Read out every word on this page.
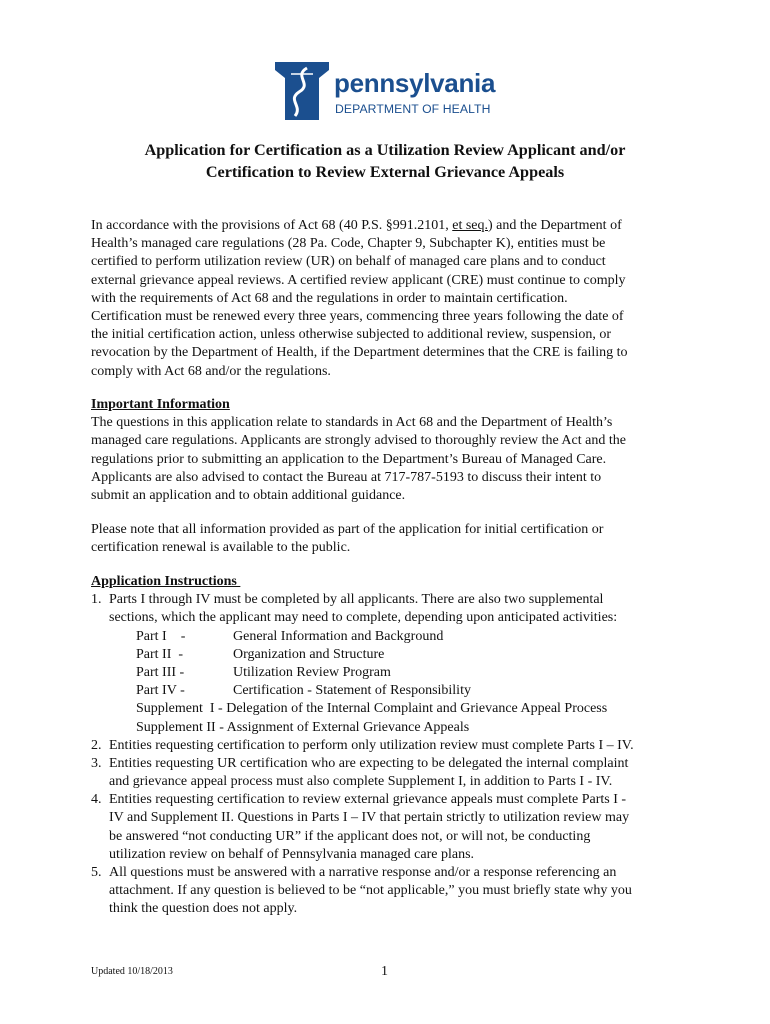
pennsylvania
DEPARTMENT OF HEALTH
Application for Certification as a Utilization Review Applicant and/or
Certification to Review External Grievance Appeals
In accordance with the provisions of Act 68 (40 P.S. §991.2101, et seq.) and the Department of
Health’s managed care regulations (28 Pa. Code, Chapter 9, Subchapter K), entities must be
certified to perform utilization review (UR) on behalf of managed care plans and to conduct
external grievance appeal reviews. A certified review applicant (CRE) must continue to comply
with the requirements of Act 68 and the regulations in order to maintain certification.
Certification must be renewed every three years, commencing three years following the date of
the initial certification action, unless otherwise subjected to additional review, suspension, or
revocation by the Department of Health, if the Department determines that the CRE is failing to
comply with Act 68 and/or the regulations.
Important Information
The questions in this application relate to standards in Act 68 and the Department of Health’s
managed care regulations. Applicants are strongly advised to thoroughly review the Act and the
regulations prior to submitting an application to the Department’s Bureau of Managed Care.
Applicants are also advised to contact the Bureau at 717-787-5193 to discuss their intent to
submit an application and to obtain additional guidance.
Please note that all information provided as part of the application for initial certification or
certification renewal is available to the public.
Application Instructions
1. Parts I through IV must be completed by all applicants. There are also two supplemental
sections, which the applicant may need to complete, depending upon anticipated activities:
Part I    -	General Information and Background
Part II  -	Organization and Structure
Part III -	Utilization Review Program
Part IV -	Certification - Statement of Responsibility
Supplement  I - Delegation of the Internal Complaint and Grievance Appeal Process
Supplement II - Assignment of External Grievance Appeals
2. Entities requesting certification to perform only utilization review must complete Parts I – IV.
3. Entities requesting UR certification who are expecting to be delegated the internal complaint
and grievance appeal process must also complete Supplement I, in addition to Parts I - IV.
4. Entities requesting certification to review external grievance appeals must complete Parts I -
IV and Supplement II. Questions in Parts I – IV that pertain strictly to utilization review may
be answered “not conducting UR” if the applicant does not, or will not, be conducting
utilization review on behalf of Pennsylvania managed care plans.
5. All questions must be answered with a narrative response and/or a response referencing an
attachment. If any question is believed to be “not applicable,” you must briefly state why you
think the question does not apply.
Updated 10/18/2013	1
